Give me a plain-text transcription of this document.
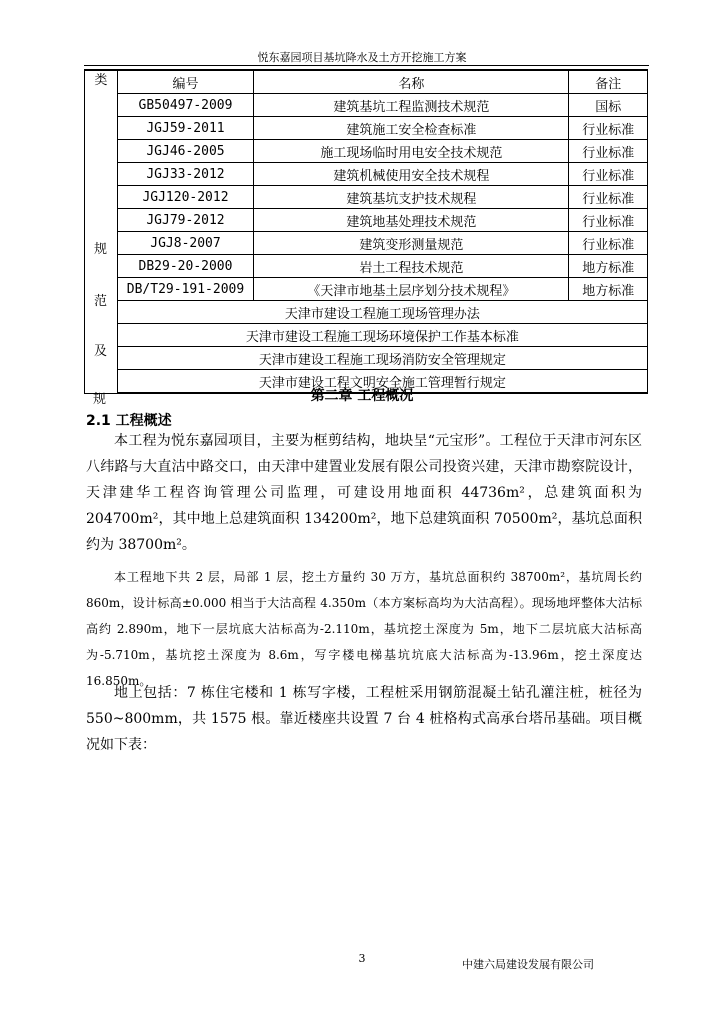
悦东嘉园项目基坑降水及土方开挖施工方案
类
规
范
及	编号	名称	备注
	GB50497-2009	建筑基坑工程监测技术规范	国标
	JGJ59-2011	建筑施工安全检查标准	行业标准
	JGJ46-2005	施工现场临时用电安全技术规范	行业标准
	JGJ33-2012	建筑机械使用安全技术规程	行业标准
	JGJ120-2012	建筑基坑支护技术规程	行业标准
	JGJ79-2012	建筑地基处理技术规范	行业标准
	JGJ8-2007	建筑变形测量规范	行业标准
	DB29-20-2000	岩土工程技术规范	地方标准
	DB/T29-191-2009	《天津市地基土层序划分技术规程》	地方标准
	天津市建设工程施工现场管理办法		
	天津市建设工程施工现场环境保护工作基本标准		
	天津市建设工程施工现场消防安全管理规定		
	天津市建设工程文明安全施工管理暂行规定		
规	第二章 工程概况
2.1 工程概述

本工程为悦东嘉园项目，主要为框剪结构，地块呈“元宝形”。工程位于天津市河东区八纬路与大直沽中路交口，由天津中建置业发展有限公司投资兴建，天津市勘察院设计，天津建华工程咨询管理公司监理，可建设用地面积 44736m²，总建筑面积为 204700m²，其中地上总建筑面积 134200m²，地下总建筑面积 70500m²，基坑总面积约为 38700m²。

本工程地下共 2 层，局部 1 层，挖土方量约 30 万方，基坑总面积约 38700m²，基坑周长约 860m，设计标高±0.000 相当于大沽高程 4.350m（本方案标高均为大沽高程）。现场地坪整体大沽标高约 2.890m，地下一层坑底大沽标高为-2.110m，基坑挖土深度为 5m，地下二层坑底大沽标高为-5.710m，基坑挖土深度为 8.6m，写字楼电梯基坑坑底大沽标高为-13.96m，挖土深度达 16.850m。

地上包括：7 栋住宅楼和 1 栋写字楼，工程桩采用钢筋混凝土钻孔灌注桩，桩径为 550~800mm，共 1575 根。靠近楼座共设置 7 台 4 桩格构式高承台塔吊基础。项目概况如下表：

3	中建六局建设发展有限公司
